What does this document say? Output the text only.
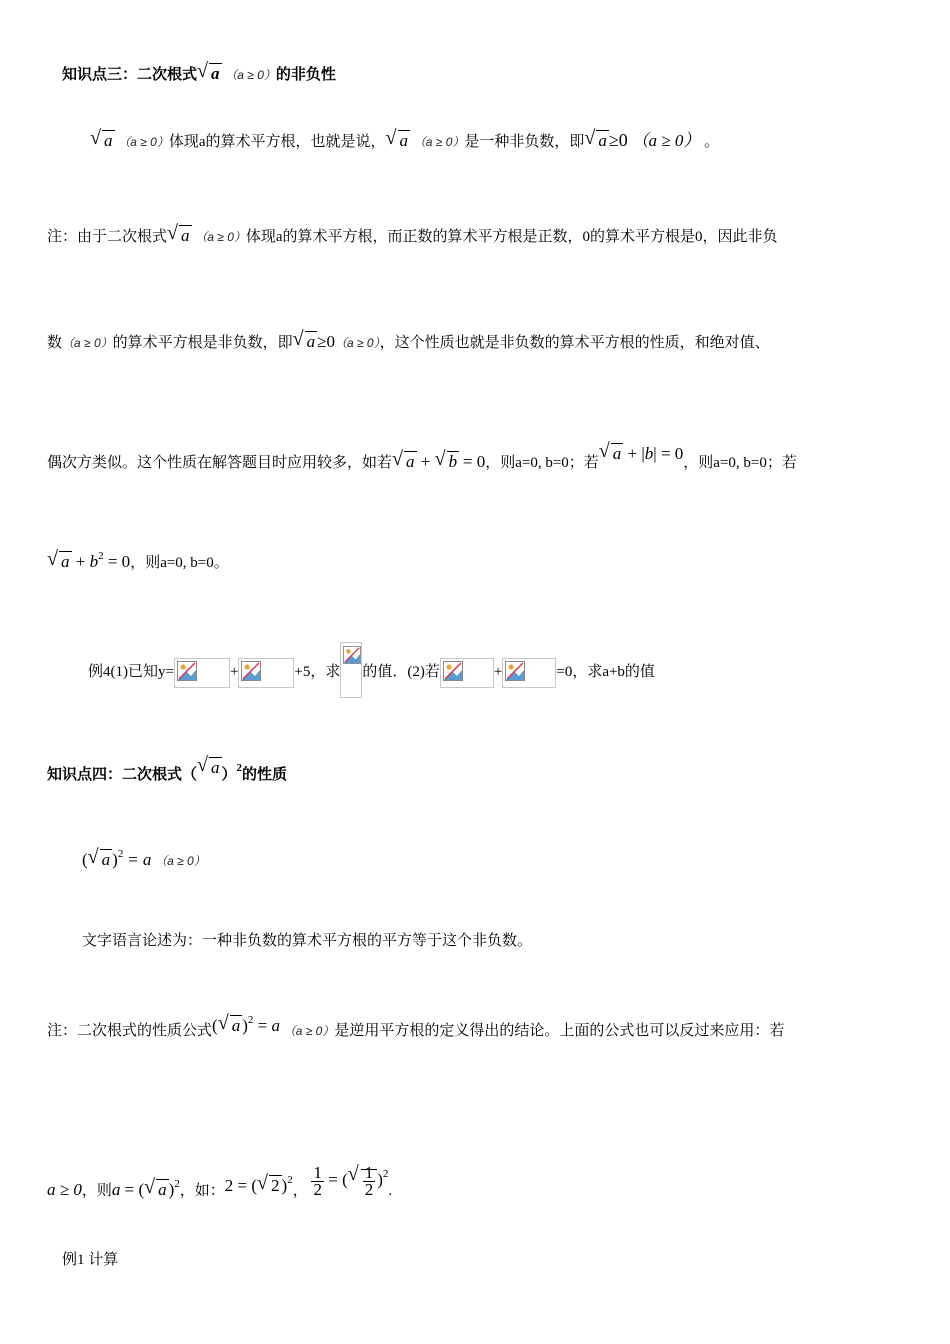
知识点三：二次根式 √ a （a ≥ 0）的非负性
√ a （a ≥ 0）体现a的算术平方根，也就是说， √ a （a ≥ 0）是一种非负数，即 √ a ≥0 （a ≥ 0） 。
注：由于二次根式 √ a （a ≥ 0）体现a的算术平方根，而正数的算术平方根是正数，0的算术平方根是0，因此非负
数（a ≥ 0）的算术平方根是非负数，即 √ a ≥0（a ≥ 0），这个性质也就是非负数的算术平方根的性质，和绝对值、
偶次方类似。这个性质在解答题目时应用较多，如若 √ a + √ b = 0，则a=0, b=0；若 √ a + |b| = 0，则a=0, b=0；若
√ $a + b^2 = 0$，则a=0, b=0。
例4(1)已知y=	+	+5，求 的值．(2)若	+	=0，求a+b的值
知识点四：二次根式（ √ a ）$^2$的性质
( √ a )$^2$ = a （a ≥ 0）
文字语言论述为：一种非负数的算术平方根的平方等于这个非负数。
注：二次根式的性质公式( √ a )$^2$ = a （a ≥ 0）是逆用平方根的定义得出的结论。上面的公式也可以反过来应用：若
a ≥ 0，则a = ( √ a )$^2$，如：2 = ( √ 2 )$^2$， $\frac{1}{2}$ = ( √ $\frac{1}{2} )^2$.
例1 计算
